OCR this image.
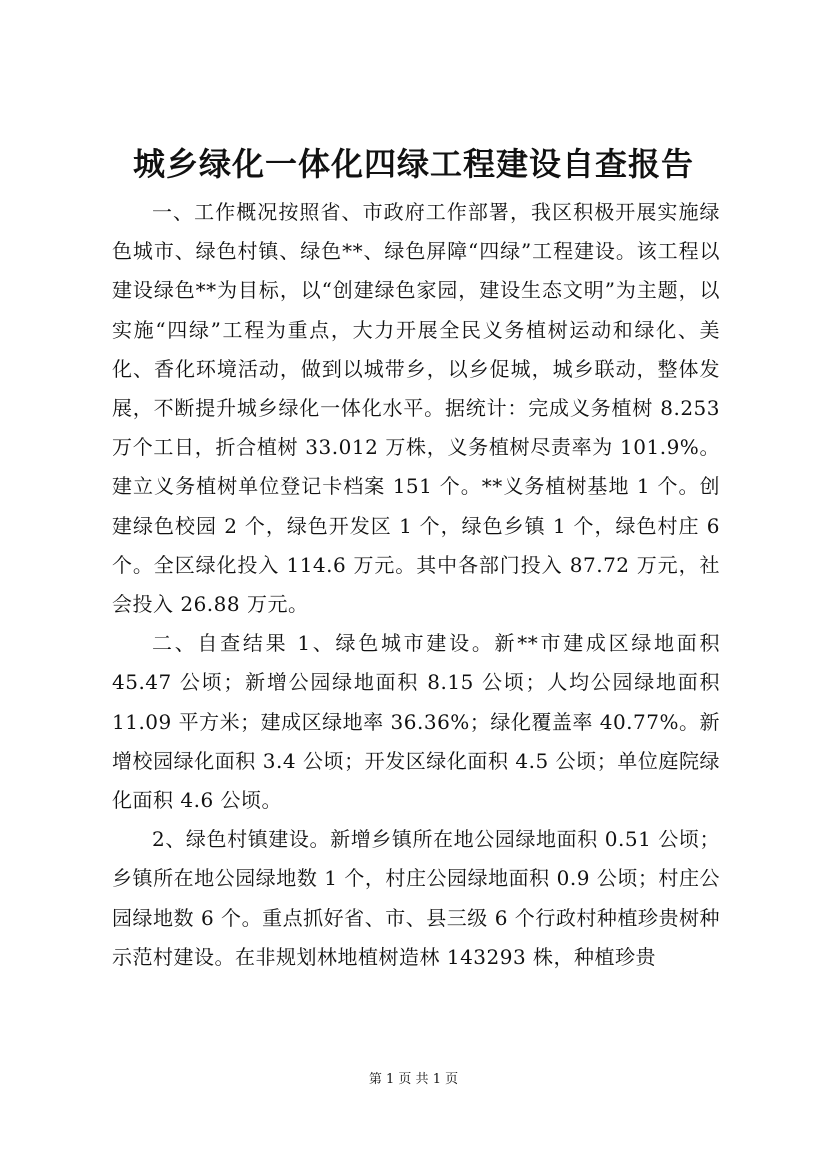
城乡绿化一体化四绿工程建设自查报告

一、工作概况按照省、市政府工作部署，我区积极开展实施绿色城市、绿色村镇、绿色**、绿色屏障“四绿”工程建设。该工程以建设绿色**为目标，以“创建绿色家园，建设生态文明”为主题，以实施“四绿”工程为重点，大力开展全民义务植树运动和绿化、美化、香化环境活动，做到以城带乡，以乡促城，城乡联动，整体发展，不断提升城乡绿化一体化水平。据统计：完成义务植树 8.253 万个工日，折合植树 33.012 万株，义务植树尽责率为 101.9%。建立义务植树单位登记卡档案 151 个。**义务植树基地 1 个。创建绿色校园 2 个，绿色开发区 1 个，绿色乡镇 1 个，绿色村庄 6 个。全区绿化投入 114.6 万元。其中各部门投入 87.72 万元，社会投入 26.88 万元。

二、自查结果 1、绿色城市建设。新**市建成区绿地面积 45.47 公顷；新增公园绿地面积 8.15 公顷；人均公园绿地面积 11.09 平方米；建成区绿地率 36.36%；绿化覆盖率 40.77%。新增校园绿化面积 3.4 公顷；开发区绿化面积 4.5 公顷；单位庭院绿化面积 4.6 公顷。

2、绿色村镇建设。新增乡镇所在地公园绿地面积 0.51 公顷；乡镇所在地公园绿地数 1 个，村庄公园绿地面积 0.9 公顷；村庄公园绿地数 6 个。重点抓好省、市、县三级 6 个行政村种植珍贵树种示范村建设。在非规划林地植树造林 143293 株，种植珍贵

第 1 页 共 1 页
